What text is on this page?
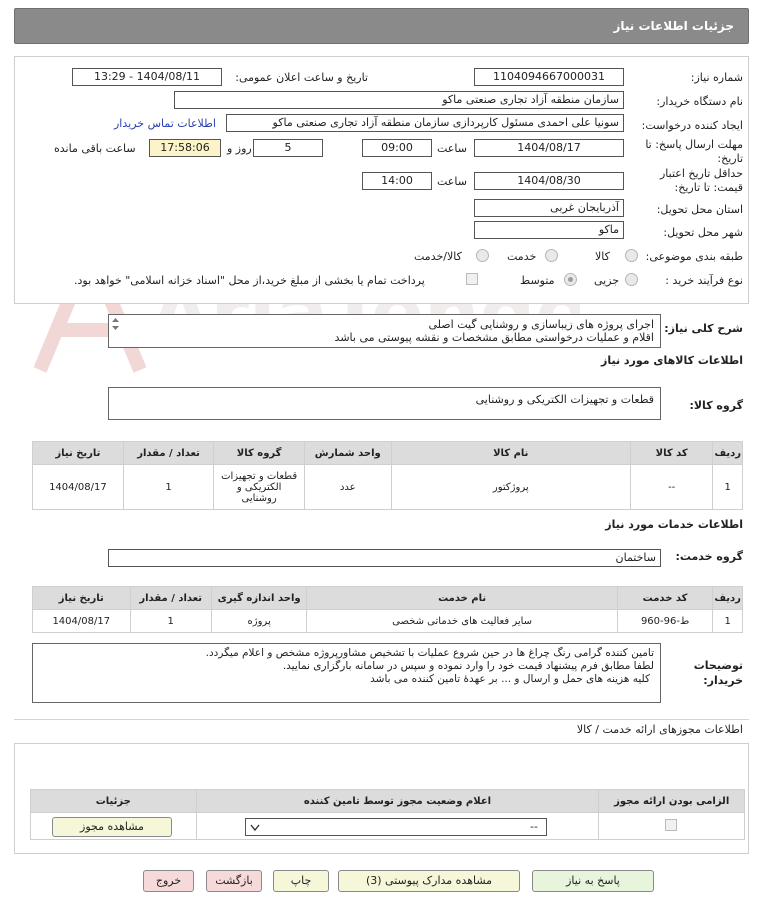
جزئیات اطلاعات نیاز
شماره نیاز:
1104094667000031
تاریخ و ساعت اعلان عمومی:
1404/08/11 - 13:29
نام دستگاه خریدار:
سازمان منطقه آزاد تجاری صنعتی ماکو
ایجاد کننده درخواست:
سونیا علی احمدی مسئول کارپردازی سازمان منطقه آزاد تجاری صنعتی ماکو
اطلاعات تماس خریدار
مهلت ارسال پاسخ: تا
تاریخ:
1404/08/17
ساعت
09:00
5
روز و
17:58:06
ساعت باقی مانده
حداقل تاریخ اعتبار
قیمت: تا تاریخ:
1404/08/30
ساعت
14:00
استان محل تحویل:
آذربایجان غربی
شهر محل تحویل:
ماکو
طبقه بندی موضوعی:
کالا
خدمت
کالا/خدمت
نوع فرآیند خرید :
جزیی
متوسط
پرداخت تمام یا بخشی از مبلغ خرید،از محل "اسناد خزانه اسلامی" خواهد بود.
شرح کلی نیاز:
اجرای پروژه های زیباسازی و روشنایی گیت اصلی
اقلام و عملیات درخواستی مطابق مشخصات و نقشه پیوستی می باشد
اطلاعات کالاهای مورد نیاز
گروه کالا:
قطعات و تجهیزات الکتریکی و روشنایی
ردیف	کد کالا	نام کالا	واحد شمارش	گروه کالا	تعداد / مقدار	تاریخ نیاز
1	--	پروژکتور	عدد	قطعات و تجهیزات الکتریکی و روشنایی	1	1404/08/17
اطلاعات خدمات مورد نیاز
گروه خدمت:
ساختمان
ردیف	کد خدمت	نام خدمت	واحد اندازه گیری	تعداد / مقدار	تاریخ نیاز
1	ط-96-960	سایر فعالیت های خدماتی شخصی	پروژه	1	1404/08/17
توضیحات
خریدار:
تامین کننده گرامی رنگ چراغ ها در حین شروع عملیات با تشخیص مشاورپروژه مشخص و اعلام میگردد.
لطفا مطابق فرم پیشنهاد قیمت خود را وارد نموده و سپس در سامانه بارگزاری نمایید.
کلیه هزینه های حمل و ارسال و ... بر عهدهٔ تامین کننده می باشد
اطلاعات مجوزهای ارائه خدمت / کالا
الزامی بودن ارائه مجوز	اعلام وضعیت مجوز توسط تامین کننده	جزئیات

--
مشاهده مجوز
پاسخ به نیاز
مشاهده مدارک پیوستی (3)
چاپ
بازگشت
خروج
